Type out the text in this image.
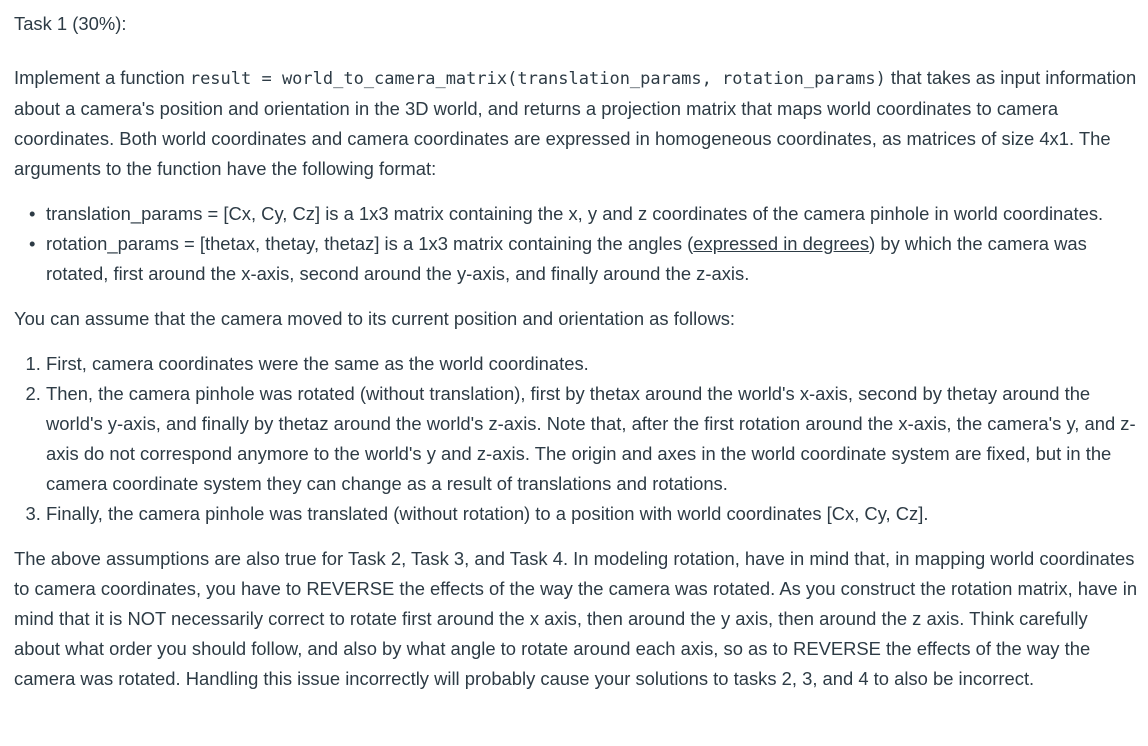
Task 1 (30%):

Implement a function result = world_to_camera_matrix(translation_params, rotation_params) that takes as input information about a camera's position and orientation in the 3D world, and returns a projection matrix that maps world coordinates to camera coordinates. Both world coordinates and camera coordinates are expressed in homogeneous coordinates, as matrices of size 4x1. The arguments to the function have the following format:

• translation_params = [Cx, Cy, Cz] is a 1x3 matrix containing the x, y and z coordinates of the camera pinhole in world coordinates.
• rotation_params = [thetax, thetay, thetaz] is a 1x3 matrix containing the angles (expressed in degrees) by which the camera was rotated, first around the x-axis, second around the y-axis, and finally around the z-axis.

You can assume that the camera moved to its current position and orientation as follows:

1. First, camera coordinates were the same as the world coordinates.
2. Then, the camera pinhole was rotated (without translation), first by thetax around the world's x-axis, second by thetay around the world's y-axis, and finally by thetaz around the world's z-axis. Note that, after the first rotation around the x-axis, the camera's y, and z-axis do not correspond anymore to the world's y and z-axis. The origin and axes in the world coordinate system are fixed, but in the camera coordinate system they can change as a result of translations and rotations.
3. Finally, the camera pinhole was translated (without rotation) to a position with world coordinates [Cx, Cy, Cz].

The above assumptions are also true for Task 2, Task 3, and Task 4. In modeling rotation, have in mind that, in mapping world coordinates to camera coordinates, you have to REVERSE the effects of the way the camera was rotated. As you construct the rotation matrix, have in mind that it is NOT necessarily correct to rotate first around the x axis, then around the y axis, then around the z axis. Think carefully about what order you should follow, and also by what angle to rotate around each axis, so as to REVERSE the effects of the way the camera was rotated. Handling this issue incorrectly will probably cause your solutions to tasks 2, 3, and 4 to also be incorrect.
